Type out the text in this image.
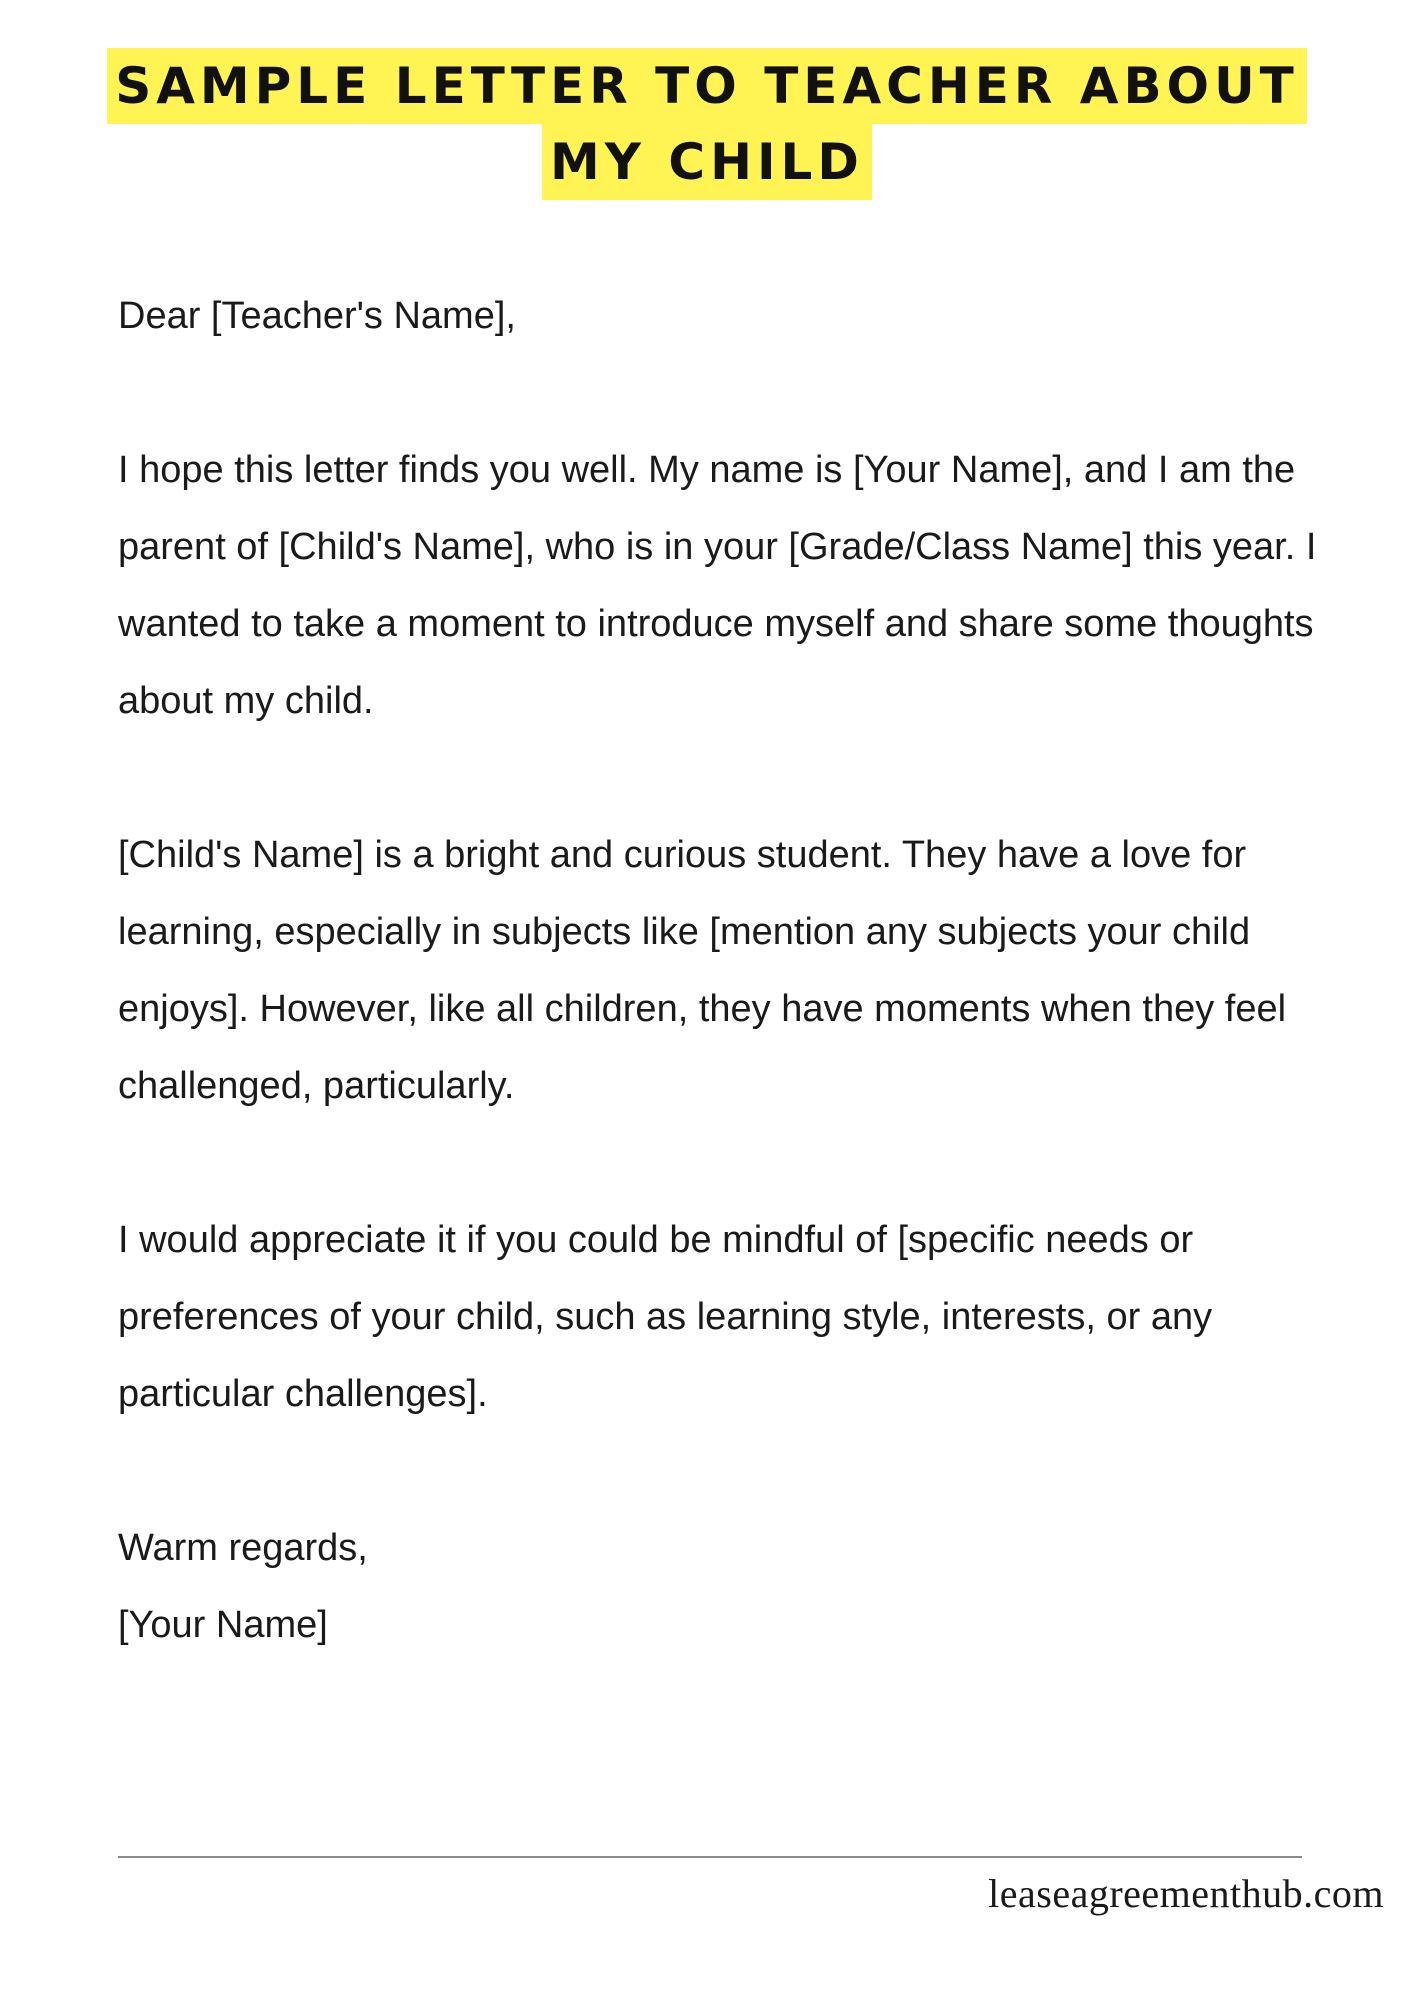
SAMPLE LETTER TO TEACHER ABOUT
MY CHILD

Dear [Teacher's Name],

I hope this letter finds you well. My name is [Your Name], and I am the parent of [Child's Name], who is in your [Grade/Class Name] this year. I wanted to take a moment to introduce myself and share some thoughts about my child.

[Child's Name] is a bright and curious student. They have a love for learning, especially in subjects like [mention any subjects your child enjoys]. However, like all children, they have moments when they feel challenged, particularly.

I would appreciate it if you could be mindful of [specific needs or preferences of your child, such as learning style, interests, or any particular challenges].

Warm regards,
[Your Name]
leaseagreementhub.com
